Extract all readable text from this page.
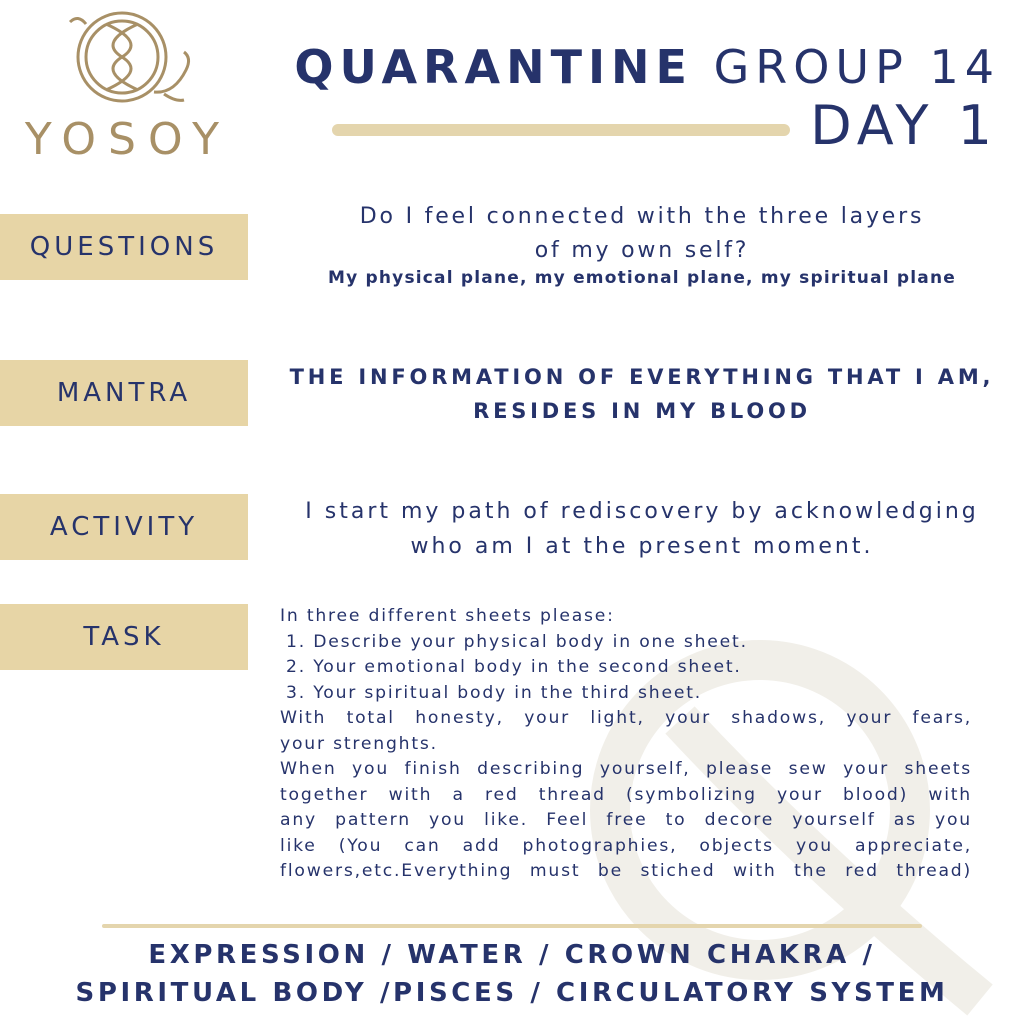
YOSOY
QUARANTINE GROUP 14
DAY 1
QUESTIONS
Do I feel connected with the three layers
of my own self?
My physical plane, my emotional plane, my spiritual plane
MANTRA
THE INFORMATION OF EVERYTHING THAT I AM,
RESIDES IN MY BLOOD
ACTIVITY
I start my path of rediscovery by acknowledging
who am I at the present moment.
TASK
In three different sheets please:
1. Describe your physical body in one sheet.
2. Your emotional body in the second sheet.
3. Your spiritual body in the third sheet.
With total honesty, your light, your shadows, your fears,
your strenghts.
When you finish describing yourself, please sew your sheets
together with a red thread (symbolizing your blood) with
any pattern you like. Feel free to decore yourself as you
like (You can add photographies, objects you appreciate,
flowers,etc.Everything must be stiched with the red thread)
EXPRESSION / WATER / CROWN CHAKRA /
SPIRITUAL BODY /PISCES / CIRCULATORY SYSTEM
